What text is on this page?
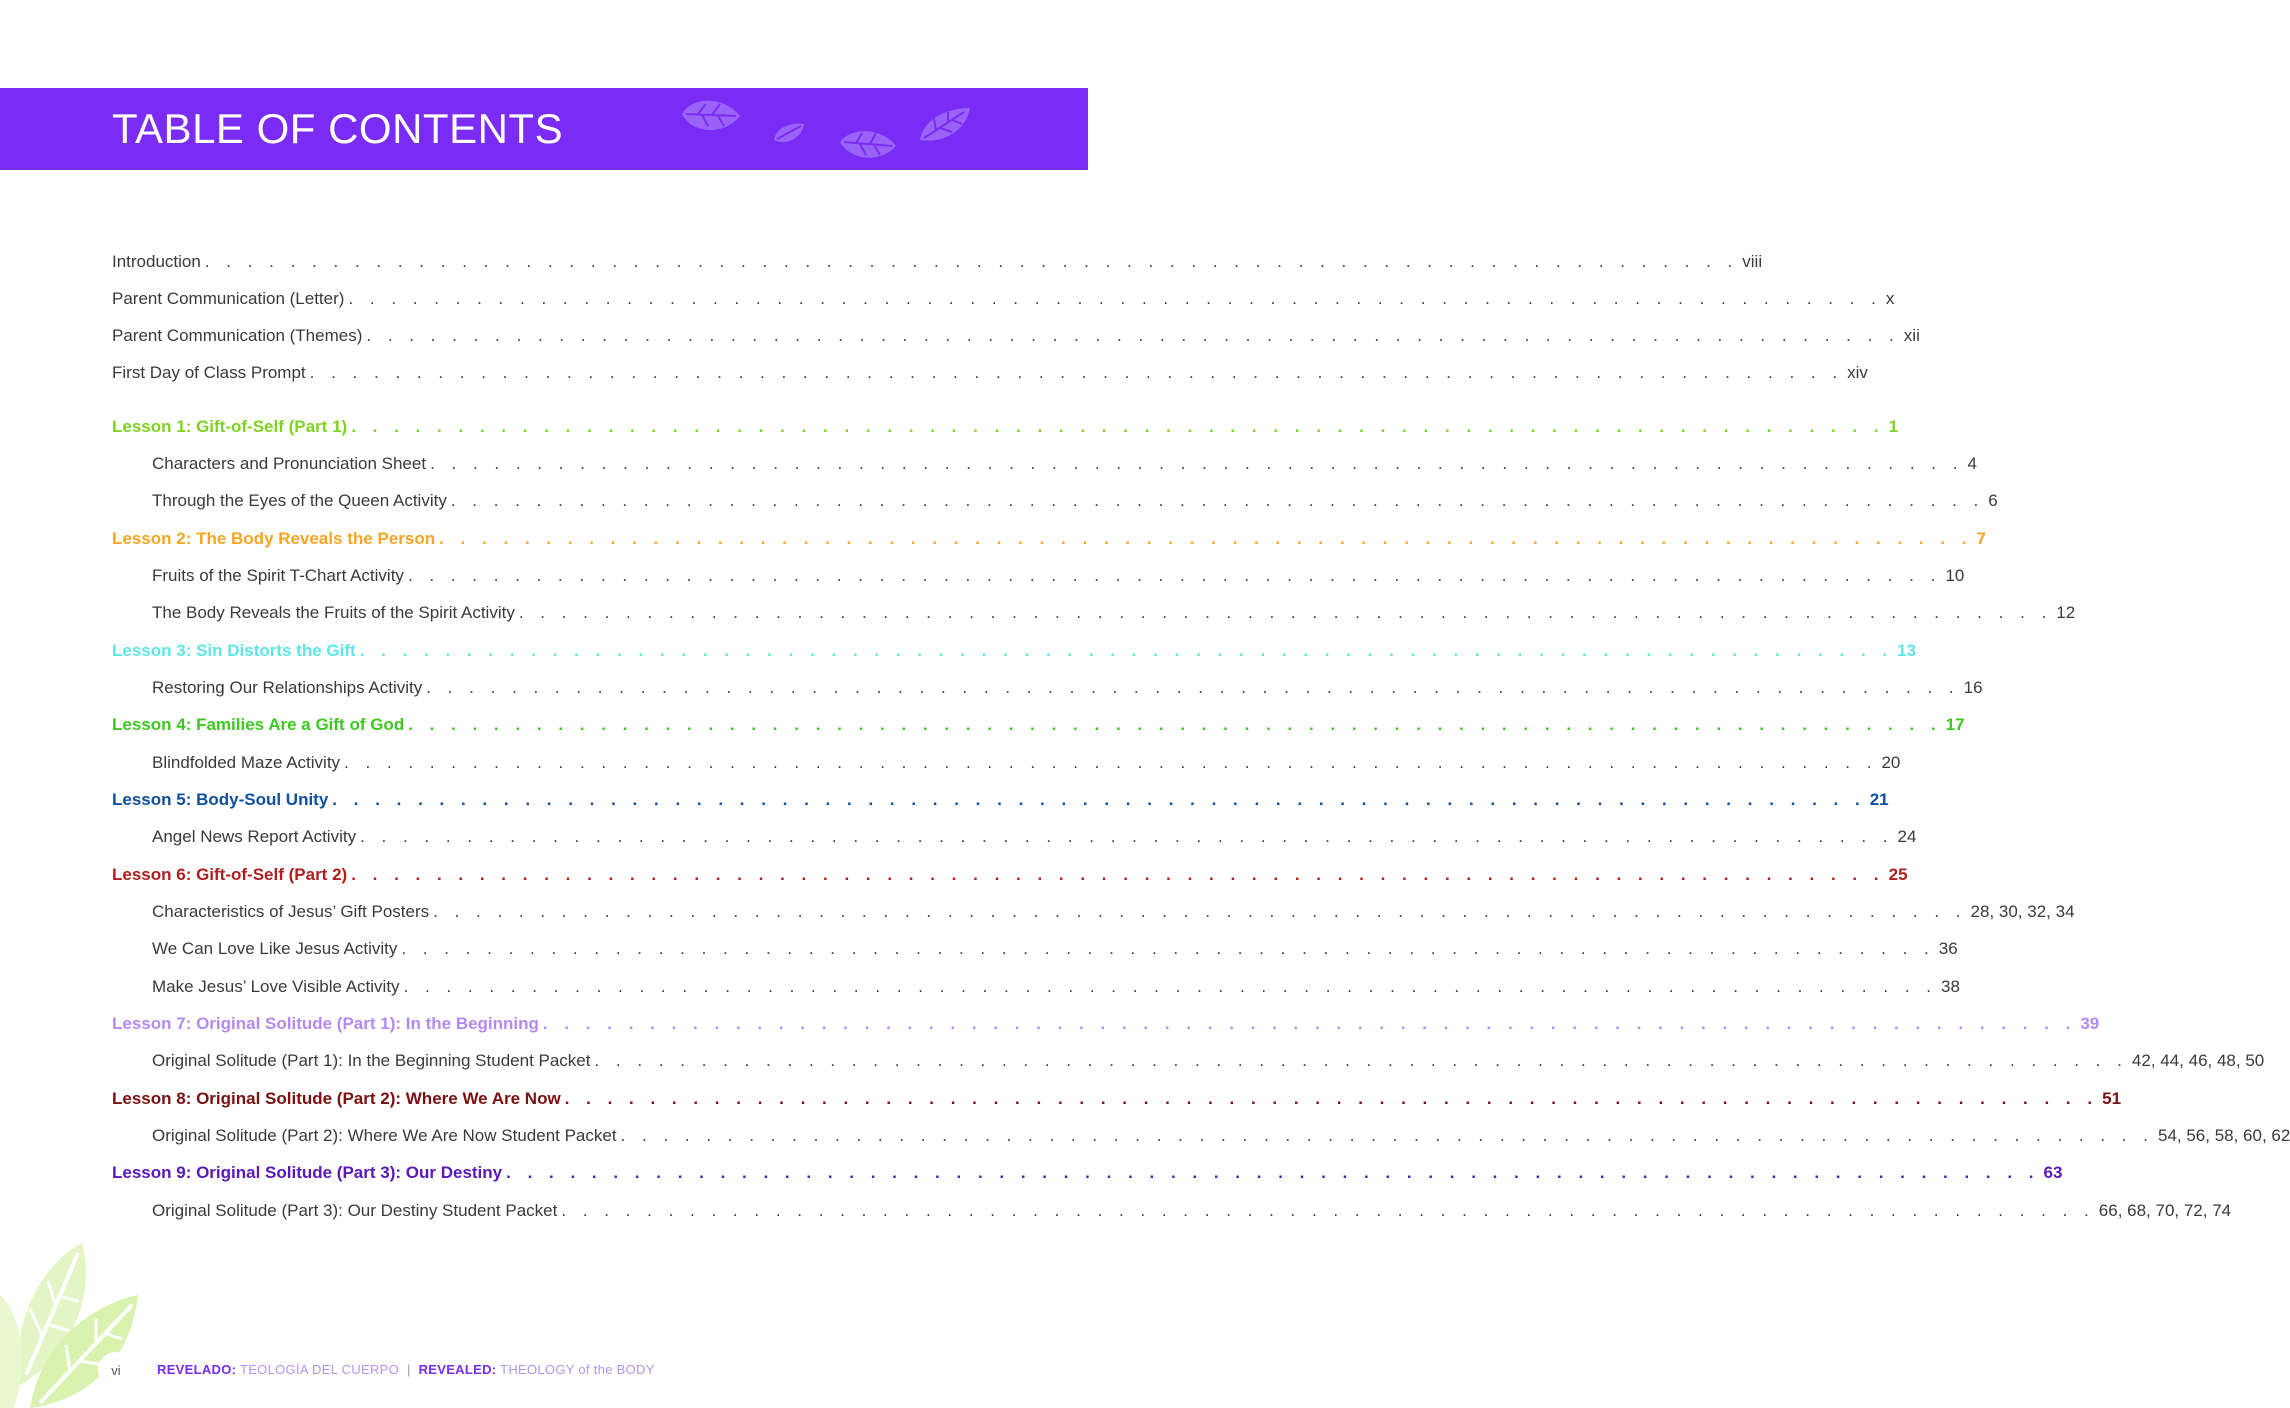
TABLE OF CONTENTS
Introduction . . . . . . . . . . . . . . . . . . . . . . . . . . . . . . . . . . . . . . . . . . . . . . . . . . . . . . . . . . . . . . . . . . . . . . . . viii
Parent Communication (Letter) . . . . . . . . . . . . . . . . . . . . . . . . . . . . . . . . . . . . . . . . . . . . . . . . . . . . . . . . . . . . . . . . . . . . . . . . x
Parent Communication (Themes) . . . . . . . . . . . . . . . . . . . . . . . . . . . . . . . . . . . . . . . . . . . . . . . . . . . . . . . . . . . . . . . . . . . . . . . . xii
First Day of Class Prompt . . . . . . . . . . . . . . . . . . . . . . . . . . . . . . . . . . . . . . . . . . . . . . . . . . . . . . . . . . . . . . . . . . . . . . . . xiv
Lesson 1: Gift-of-Self (Part 1) . . . . . . . . . . . . . . . . . . . . . . . . . . . . . . . . . . . . . . . . . . . . . . . . . . . . . . . . . . . . . . . . . . . . . . . . 1
Characters and Pronunciation Sheet . . . . . . . . . . . . . . . . . . . . . . . . . . . . . . . . . . . . . . . . . . . . . . . . . . . . . . . . . . . . . . . . . . . . . . . . 4
Through the Eyes of the Queen Activity . . . . . . . . . . . . . . . . . . . . . . . . . . . . . . . . . . . . . . . . . . . . . . . . . . . . . . . . . . . . . . . . . . . . . . . . 6
Lesson 2: The Body Reveals the Person . . . . . . . . . . . . . . . . . . . . . . . . . . . . . . . . . . . . . . . . . . . . . . . . . . . . . . . . . . . . . . . . . . . . . . . . 7
Fruits of the Spirit T-Chart Activity . . . . . . . . . . . . . . . . . . . . . . . . . . . . . . . . . . . . . . . . . . . . . . . . . . . . . . . . . . . . . . . . . . . . . . . . 10
The Body Reveals the Fruits of the Spirit Activity . . . . . . . . . . . . . . . . . . . . . . . . . . . . . . . . . . . . . . . . . . . . . . . . . . . . . . . . . . . . . . . . . . . . . . . . 12
Lesson 3: Sin Distorts the Gift . . . . . . . . . . . . . . . . . . . . . . . . . . . . . . . . . . . . . . . . . . . . . . . . . . . . . . . . . . . . . . . . . . . . . . . . 13
Restoring Our Relationships Activity . . . . . . . . . . . . . . . . . . . . . . . . . . . . . . . . . . . . . . . . . . . . . . . . . . . . . . . . . . . . . . . . . . . . . . . . 16
Lesson 4: Families Are a Gift of God . . . . . . . . . . . . . . . . . . . . . . . . . . . . . . . . . . . . . . . . . . . . . . . . . . . . . . . . . . . . . . . . . . . . . . . . 17
Blindfolded Maze Activity . . . . . . . . . . . . . . . . . . . . . . . . . . . . . . . . . . . . . . . . . . . . . . . . . . . . . . . . . . . . . . . . . . . . . . . . 20
Lesson 5: Body-Soul Unity . . . . . . . . . . . . . . . . . . . . . . . . . . . . . . . . . . . . . . . . . . . . . . . . . . . . . . . . . . . . . . . . . . . . . . . . 21
Angel News Report Activity . . . . . . . . . . . . . . . . . . . . . . . . . . . . . . . . . . . . . . . . . . . . . . . . . . . . . . . . . . . . . . . . . . . . . . . . 24
Lesson 6: Gift-of-Self (Part 2) . . . . . . . . . . . . . . . . . . . . . . . . . . . . . . . . . . . . . . . . . . . . . . . . . . . . . . . . . . . . . . . . . . . . . . . . 25
Characteristics of Jesus’ Gift Posters . . . . . . . . . . . . . . . . . . . . . . . . . . . . . . . . . . . . . . . . . . . . . . . . . . . . . . . . . . . . . . . . . . . . . . . . 28, 30, 32, 34
We Can Love Like Jesus Activity . . . . . . . . . . . . . . . . . . . . . . . . . . . . . . . . . . . . . . . . . . . . . . . . . . . . . . . . . . . . . . . . . . . . . . . . 36
Make Jesus’ Love Visible Activity . . . . . . . . . . . . . . . . . . . . . . . . . . . . . . . . . . . . . . . . . . . . . . . . . . . . . . . . . . . . . . . . . . . . . . . . 38
Lesson 7: Original Solitude (Part 1): In the Beginning . . . . . . . . . . . . . . . . . . . . . . . . . . . . . . . . . . . . . . . . . . . . . . . . . . . . . . . . . . . . . . . . . . . . . . . . 39
Original Solitude (Part 1): In the Beginning Student Packet . . . . . . . . . . . . . . . . . . . . . . . . . . . . . . . . . . . . . . . . . . . . . . . . . . . . . . . . . . . . . . . . . . . . . . . . 42, 44, 46, 48, 50
Lesson 8: Original Solitude (Part 2): Where We Are Now . . . . . . . . . . . . . . . . . . . . . . . . . . . . . . . . . . . . . . . . . . . . . . . . . . . . . . . . . . . . . . . . . . . . . . . . 51
Original Solitude (Part 2): Where We Are Now Student Packet . . . . . . . . . . . . . . . . . . . . . . . . . . . . . . . . . . . . . . . . . . . . . . . . . . . . . . . . . . . . . . . . . . . . . . . . 54, 56, 58, 60, 62
Lesson 9: Original Solitude (Part 3): Our Destiny . . . . . . . . . . . . . . . . . . . . . . . . . . . . . . . . . . . . . . . . . . . . . . . . . . . . . . . . . . . . . . . . . . . . . . . . 63
Original Solitude (Part 3): Our Destiny Student Packet . . . . . . . . . . . . . . . . . . . . . . . . . . . . . . . . . . . . . . . . . . . . . . . . . . . . . . . . . . . . . . . . . . . . . . . . 66, 68, 70, 72, 74
vi	REVELADO: TEOLOGÍA DEL CUERPO | REVEALED: THEOLOGY of the BODY
